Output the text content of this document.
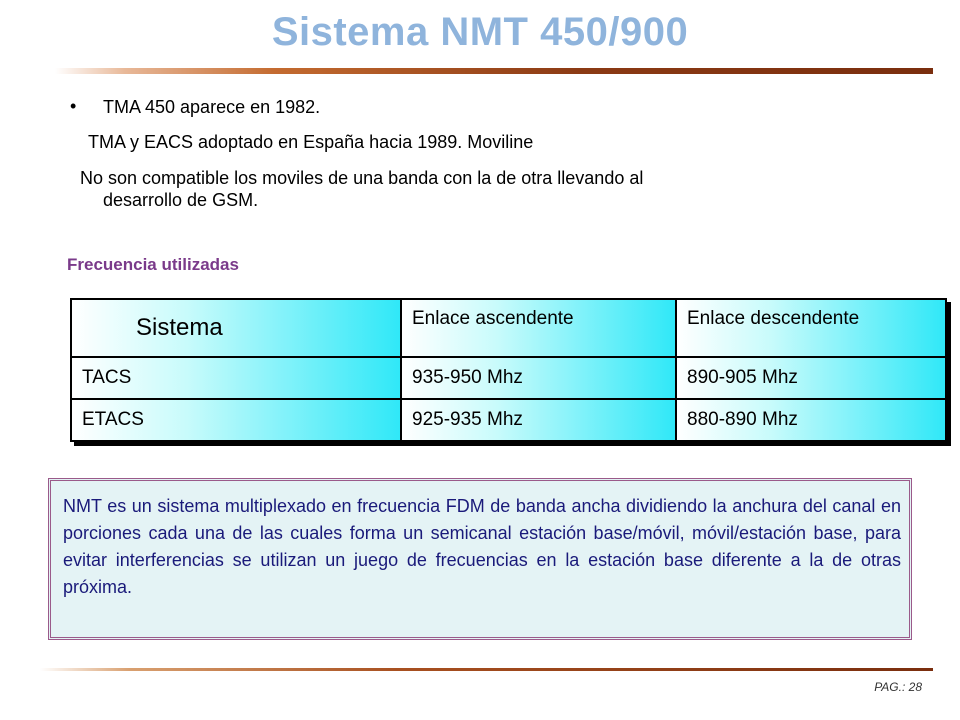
Sistema NMT 450/900
• TMA 450 aparece en 1982.
TMA y EACS adoptado en España hacia 1989. Moviline
No son compatible los moviles de una banda con la de otra llevando al
desarrollo de GSM.
Frecuencia utilizadas
Sistema	Enlace ascendente	Enlace descendente
TACS	935-950 Mhz	890-905 Mhz
ETACS	925-935 Mhz	880-890 Mhz
NMT es un sistema multiplexado en frecuencia FDM de banda ancha dividiendo la anchura del canal en porciones cada una de las cuales forma un semicanal estación base/móvil, móvil/estación base, para evitar interferencias se utilizan un juego de frecuencias en la estación base diferente a la de otras próxima.
PAG.: 28
